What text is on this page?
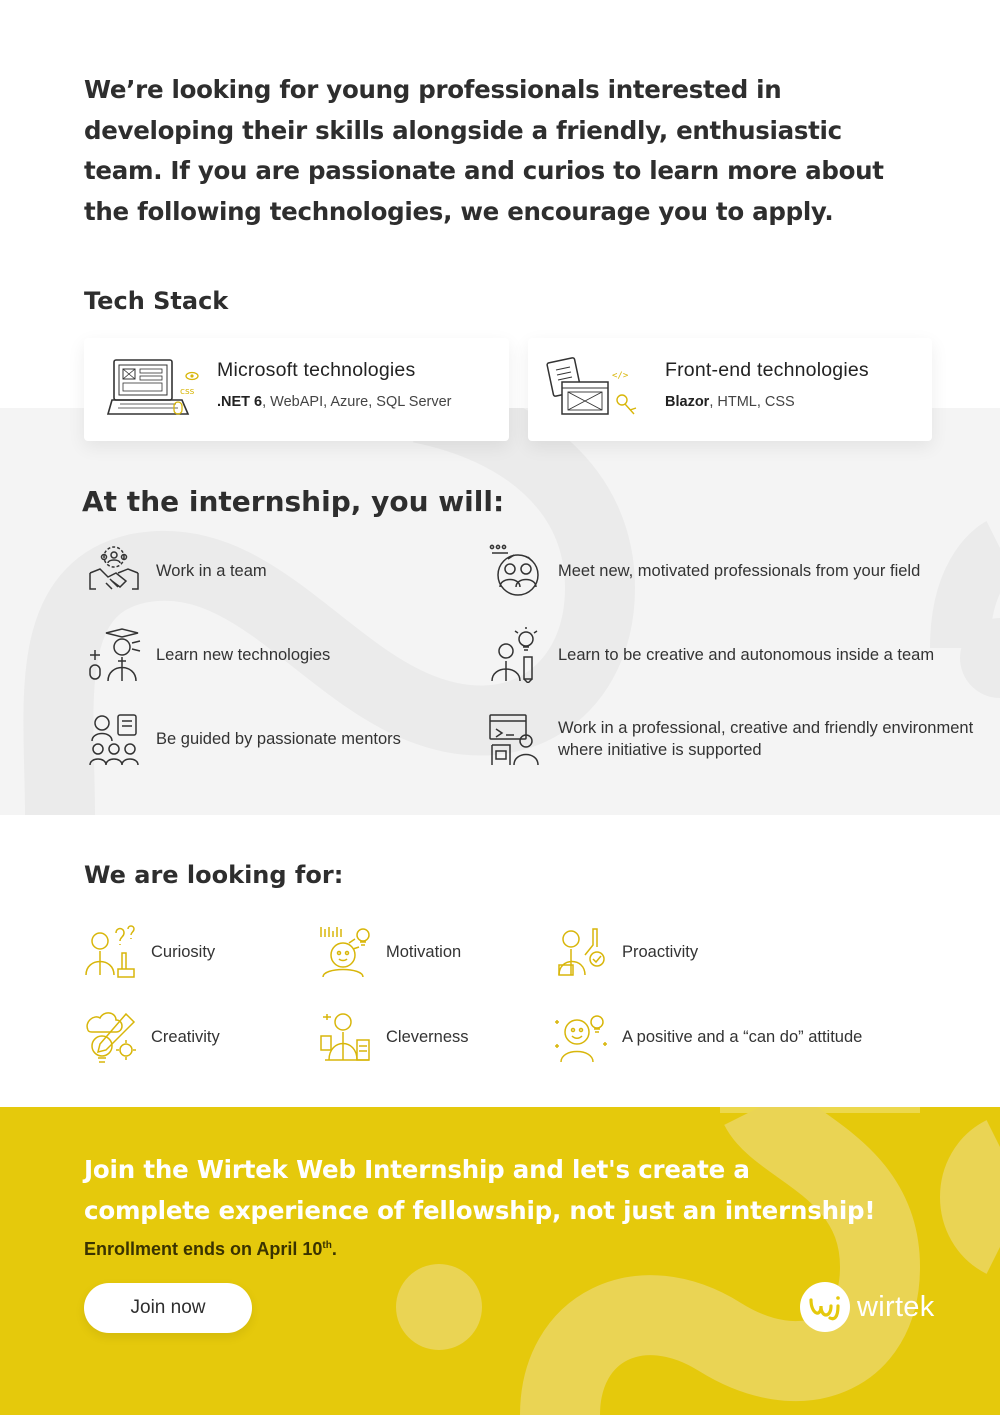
We’re looking for young professionals interested in developing their skills alongside a friendly, enthusiastic team. If you are passionate and curios to learn more about the following technologies, we encourage you to apply.

Tech Stack
css
Microsoft technologies
.NET 6, WebAPI, Azure, SQL Server
</> Front-end technologies
Blazor, HTML, CSS
At the internship, you will:
Work in a team	Meet new, motivated professionals from your field
Learn new technologies	Learn to be creative and autonomous inside a team
Be guided by passionate mentors
Work in a professional, creative and friendly environment where initiative is supported
We are looking for:
Curiosity	Motivation	Proactivity
Creativity	Cleverness	A positive and a “can do” attitude
Join the Wirtek Web Internship and let's create a complete experience of fellowship, not just an internship!
Enrollment ends on April 10th.
Join now	wirtek
